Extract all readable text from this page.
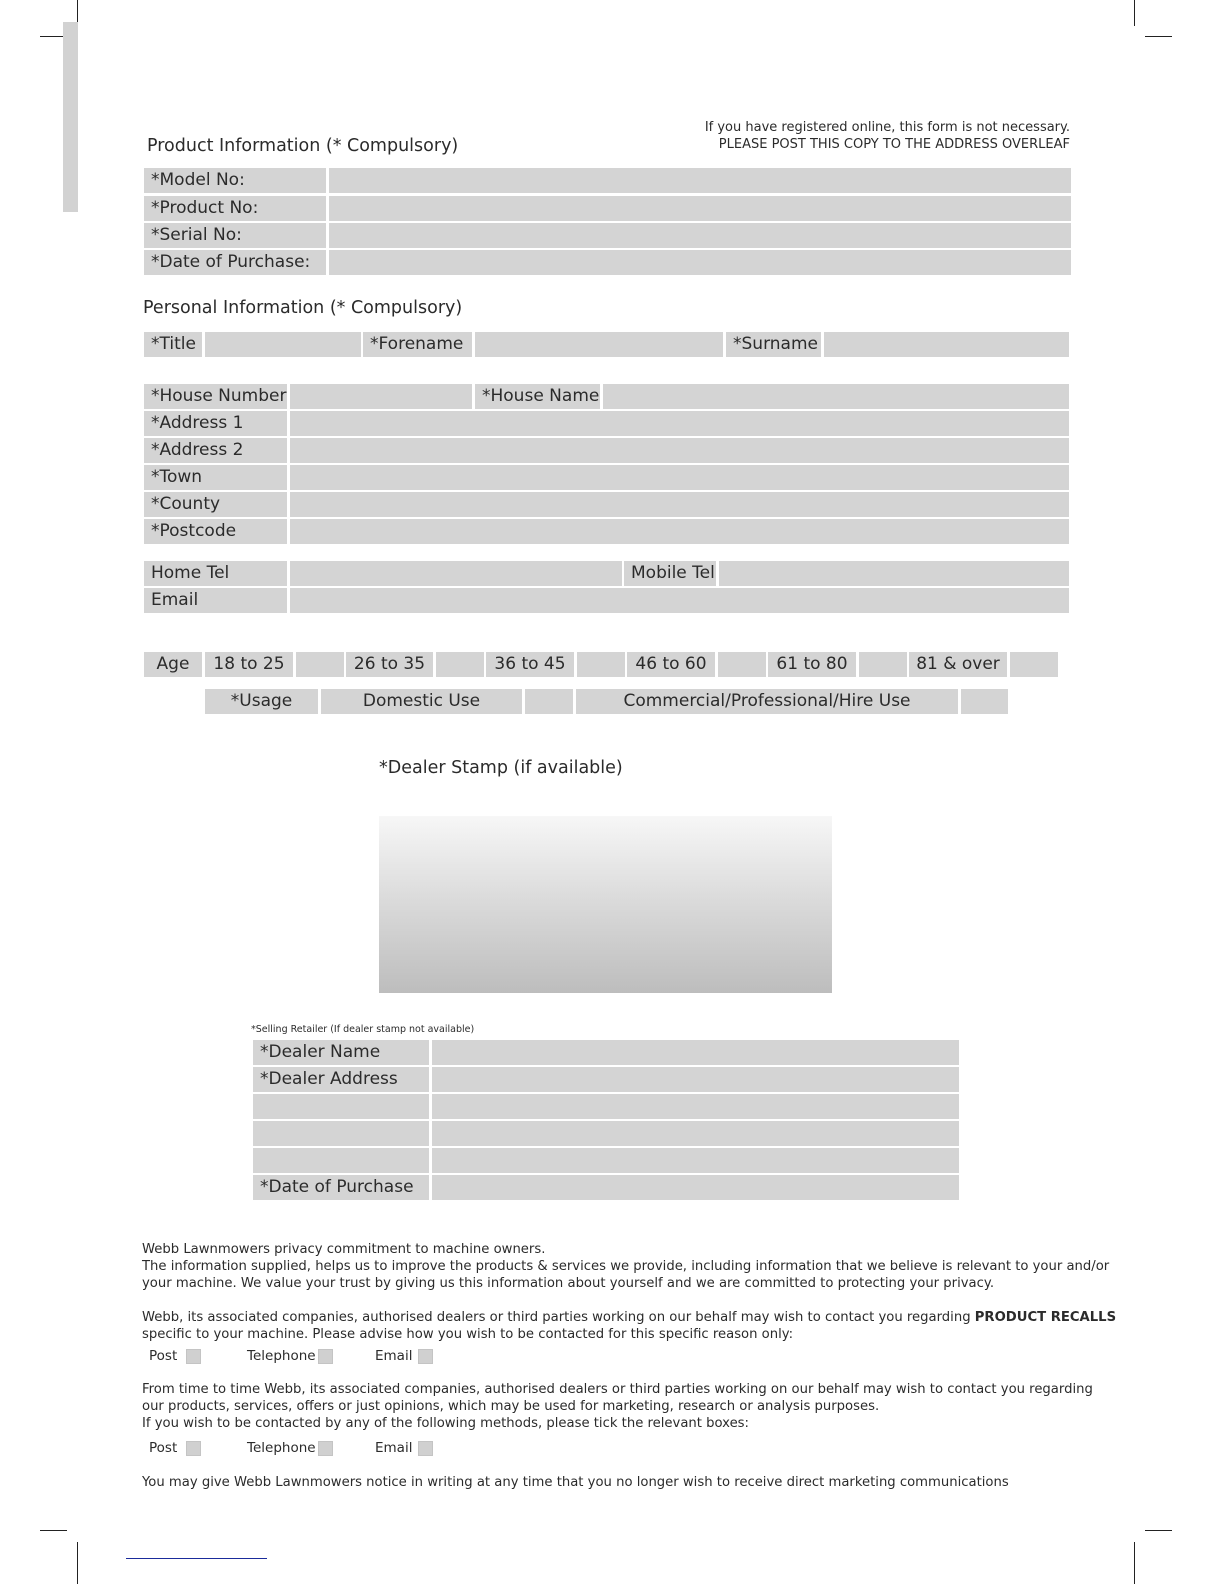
If you have registered online, this form is not necessary.
PLEASE POST THIS COPY TO THE ADDRESS OVERLEAF
Product Information (* Compulsory)
*Model No:
*Product No:
*Serial No:
*Date of Purchase:
Personal Information (* Compulsory)
*Title	*Forename	*Surname
*House Number	*House Name
*Address 1
*Address 2
*Town
*County
*Postcode
Home Tel	Mobile Tel
Email
Age	18 to 25	26 to 35	36 to 45	46 to 60	61 to 80	81 & over
*Usage	Domestic Use	Commercial/Professional/Hire Use
*Dealer Stamp (if available)
*Selling Retailer (If dealer stamp not available)
*Dealer Name
*Dealer Address
*Date of Purchase
Webb Lawnmowers privacy commitment to machine owners.
The information supplied, helps us to improve the products & services we provide, including information that we believe is relevant to your and/or
your machine. We value your trust by giving us this information about yourself and we are committed to protecting your privacy.
Webb, its associated companies, authorised dealers or third parties working on our behalf may wish to contact you regarding PRODUCT RECALLS
specific to your machine. Please advise how you wish to be contacted for this specific reason only:
Post	Telephone	Email
From time to time Webb, its associated companies, authorised dealers or third parties working on our behalf may wish to contact you regarding
our products, services, offers or just opinions, which may be used for marketing, research or analysis purposes.
If you wish to be contacted by any of the following methods, please tick the relevant boxes:
Post	Telephone	Email
You may give Webb Lawnmowers notice in writing at any time that you no longer wish to receive direct marketing communications
